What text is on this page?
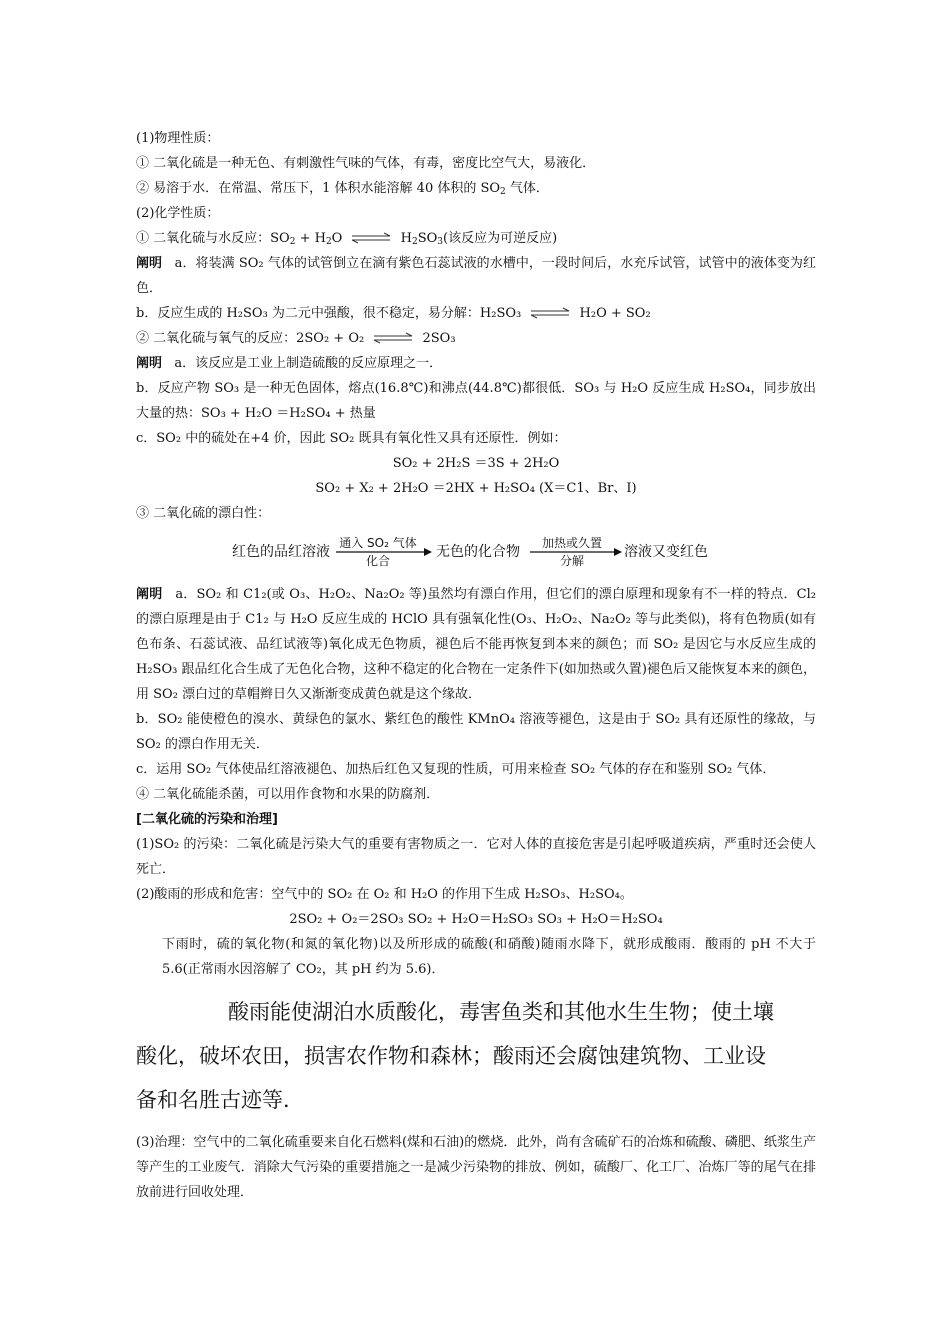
(1)物理性质：
① 二氧化硫是一种无色、有刺激性气味的气体，有毒，密度比空气大，易液化．
② 易溶于水．在常温、常压下，1 体积水能溶解 40 体积的 $SO_2$ 气体．
(2)化学性质：
① 二氧化硫与水反应：$SO_2 + H_2O$ ⇌ $H_2SO_3$(该反应为可逆反应)
阐明 a．将装满 SO₂ 气体的试管倒立在滴有紫色石蕊试液的水槽中，一段时间后，水充斥试管，试管中的液体变为红色．
b．反应生成的 H₂SO₃ 为二元中强酸，很不稳定，易分解：H₂SO₃ ⇌ H₂O + SO₂
② 二氧化硫与氧气的反应：2SO₂ + O₂ ⇌ 2SO₃
阐明 a．该反应是工业上制造硫酸的反应原理之一．
b．反应产物 SO₃ 是一种无色固体，熔点(16.8℃)和沸点(44.8℃)都很低．SO₃ 与 H₂O 反应生成 H₂SO₄，同步放出大量的热：SO₃ + H₂O ＝H₂SO₄ + 热量
c．SO₂ 中的硫处在+4 价，因此 SO₂ 既具有氧化性又具有还原性．例如：
SO₂ + 2H₂S ＝3S + 2H₂O
SO₂ + X₂ + 2H₂O ＝2HX + H₂SO₄ (X＝C1、Br、I)
③ 二氧化硫的漂白性：
红色的品红溶液
通入 SO₂ 气体
化合
无色的化合物
加热或久置
分解
溶液又变红色
阐明 a．SO₂ 和 C1₂(或 O₃、H₂O₂、Na₂O₂ 等)虽然均有漂白作用，但它们的漂白原理和现象有不一样的特点．Cl₂ 的漂白原理是由于 C1₂ 与 H₂O 反应生成的 HClO 具有强氧化性(O₃、H₂O₂、Na₂O₂ 等与此类似)，将有色物质(如有色布条、石蕊试液、品红试液等)氧化成无色物质，褪色后不能再恢复到本来的颜色；而 SO₂ 是因它与水反应生成的 H₂SO₃ 跟品红化合生成了无色化合物，这种不稳定的化合物在一定条件下(如加热或久置)褪色后又能恢复本来的颜色，用 SO₂ 漂白过的草帽辫日久又渐渐变成黄色就是这个缘故．
b．SO₂ 能使橙色的溴水、黄绿色的氯水、紫红色的酸性 KMnO₄ 溶液等褪色，这是由于 SO₂ 具有还原性的缘故，与 SO₂ 的漂白作用无关．
c．运用 SO₂ 气体使品红溶液褪色、加热后红色又复现的性质，可用来检查 SO₂ 气体的存在和鉴别 SO₂ 气体．
④ 二氧化硫能杀菌，可以用作食物和水果的防腐剂．
[二氧化硫的污染和治理]
(1)SO₂ 的污染：二氧化硫是污染大气的重要有害物质之一．它对人体的直接危害是引起呼吸道疾病，严重时还会使人死亡．
(2)酸雨的形成和危害：空气中的 SO₂ 在 O₂ 和 H₂O 的作用下生成 H₂SO₃、H₂SO₄。
2SO₂ + O₂＝2SO₃ SO₂ + H₂O＝H₂SO₃ SO₃ + H₂O＝H₂SO₄
下雨时，硫的氧化物(和氮的氧化物)以及所形成的硫酸(和硝酸)随雨水降下，就形成酸雨．酸雨的 pH 不大于 5.6(正常雨水因溶解了 CO₂，其 pH 约为 5.6)．
酸雨能使湖泊水质酸化，毒害鱼类和其他水生生物；使土壤
酸化，破坏农田，损害农作物和森林；酸雨还会腐蚀建筑物、工业设
备和名胜古迹等．
(3)治理：空气中的二氧化硫重要来自化石燃料(煤和石油)的燃烧．此外，尚有含硫矿石的冶炼和硫酸、磷肥、纸浆生产等产生的工业废气．消除大气污染的重要措施之一是减少污染物的排放、例如，硫酸厂、化工厂、冶炼厂等的尾气在排放前进行回收处理．
